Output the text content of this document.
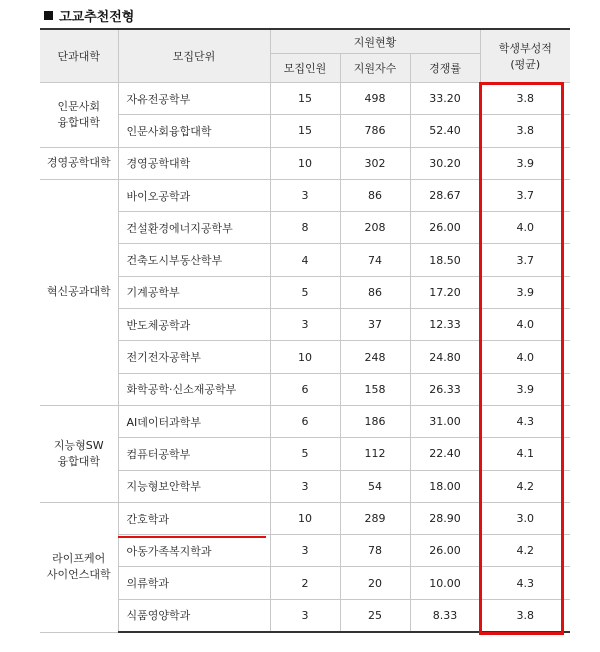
고교추천전형
단과대학	모집단위	지원현황			학생부성적
(평균)
		모집인원	지원자수	경쟁률	
인문사회
융합대학	자유전공학부	15	498	33.20	3.8
	인문사회융합대학	15	786	52.40	3.8
경영공학대학	경영공학대학	10	302	30.20	3.9
혁신공과대학	바이오공학과	3	86	28.67	3.7
	건설환경에너지공학부	8	208	26.00	4.0
	건축도시부동산학부	4	74	18.50	3.7
	기계공학부	5	86	17.20	3.9
	반도체공학과	3	37	12.33	4.0
	전기전자공학부	10	248	24.80	4.0
	화학공학·신소재공학부	6	158	26.33	3.9
지능형SW
융합대학	AI데이터과학부	6	186	31.00	4.3
	컴퓨터공학부	5	112	22.40	4.1
	지능형보안학부	3	54	18.00	4.2
라이프케어
사이언스대학	간호학과	10	289	28.90	3.0
	아동가족복지학과	3	78	26.00	4.2
	의류학과	2	20	10.00	4.3
	식품영양학과	3	25	8.33	3.8
